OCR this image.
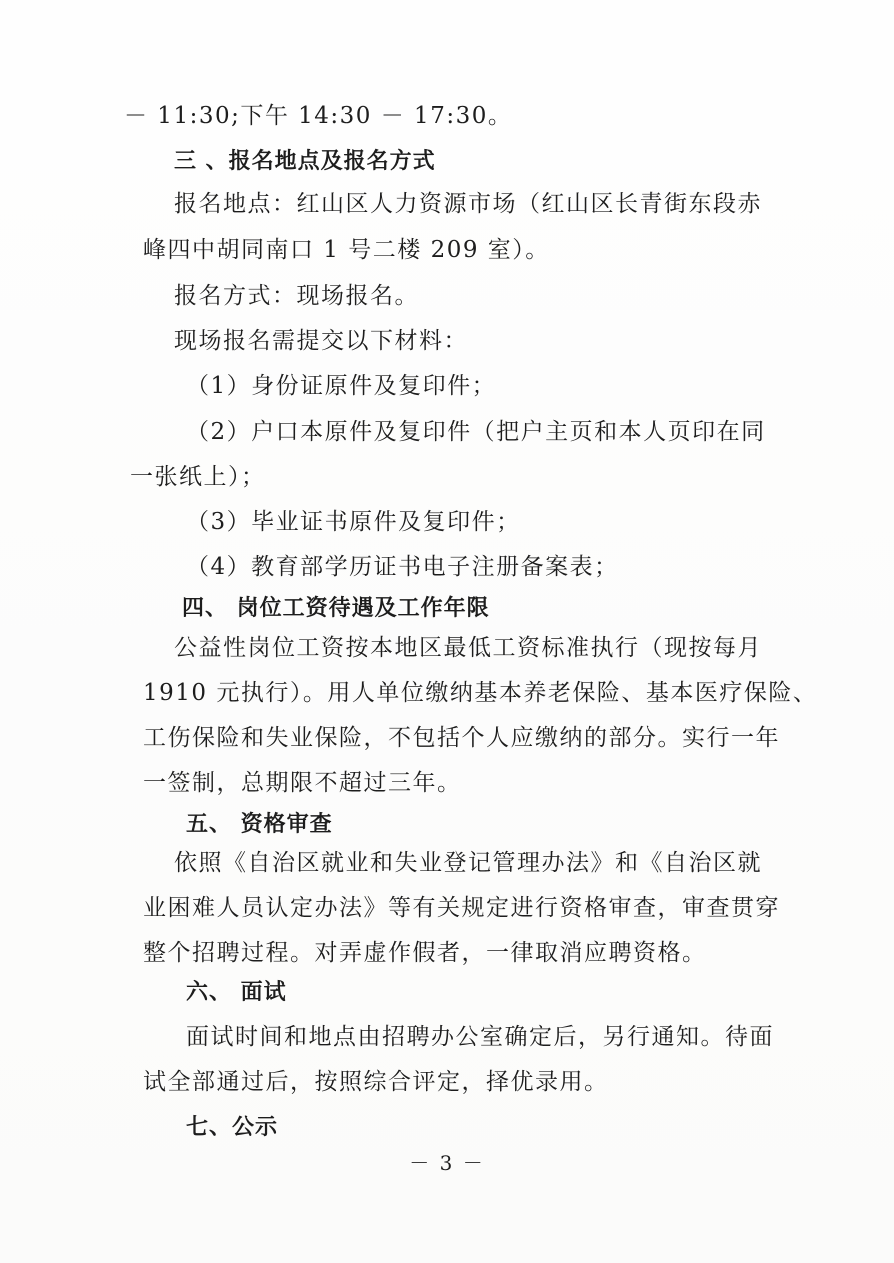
－ 11:30;下午 14:30 － 17:30。
三 、报名地点及报名方式
报名地点：红山区人力资源市场（红山区长青街东段赤
峰四中胡同南口 1 号二楼 209 室）。
报名方式：现场报名。
现场报名需提交以下材料：
（1）身份证原件及复印件；
（2）户口本原件及复印件（把户主页和本人页印在同
一张纸上）；
（3）毕业证书原件及复印件；
（4）教育部学历证书电子注册备案表；
四、 岗位工资待遇及工作年限
公益性岗位工资按本地区最低工资标准执行（现按每月
1910 元执行）。用人单位缴纳基本养老保险、基本医疗保险、
工伤保险和失业保险，不包括个人应缴纳的部分。实行一年
一签制，总期限不超过三年。
五、 资格审查
依照《自治区就业和失业登记管理办法》和《自治区就
业困难人员认定办法》等有关规定进行资格审查，审查贯穿
整个招聘过程。对弄虚作假者，一律取消应聘资格。
六、 面试
面试时间和地点由招聘办公室确定后，另行通知。待面
试全部通过后，按照综合评定，择优录用。
七、公示
－ 3 －
